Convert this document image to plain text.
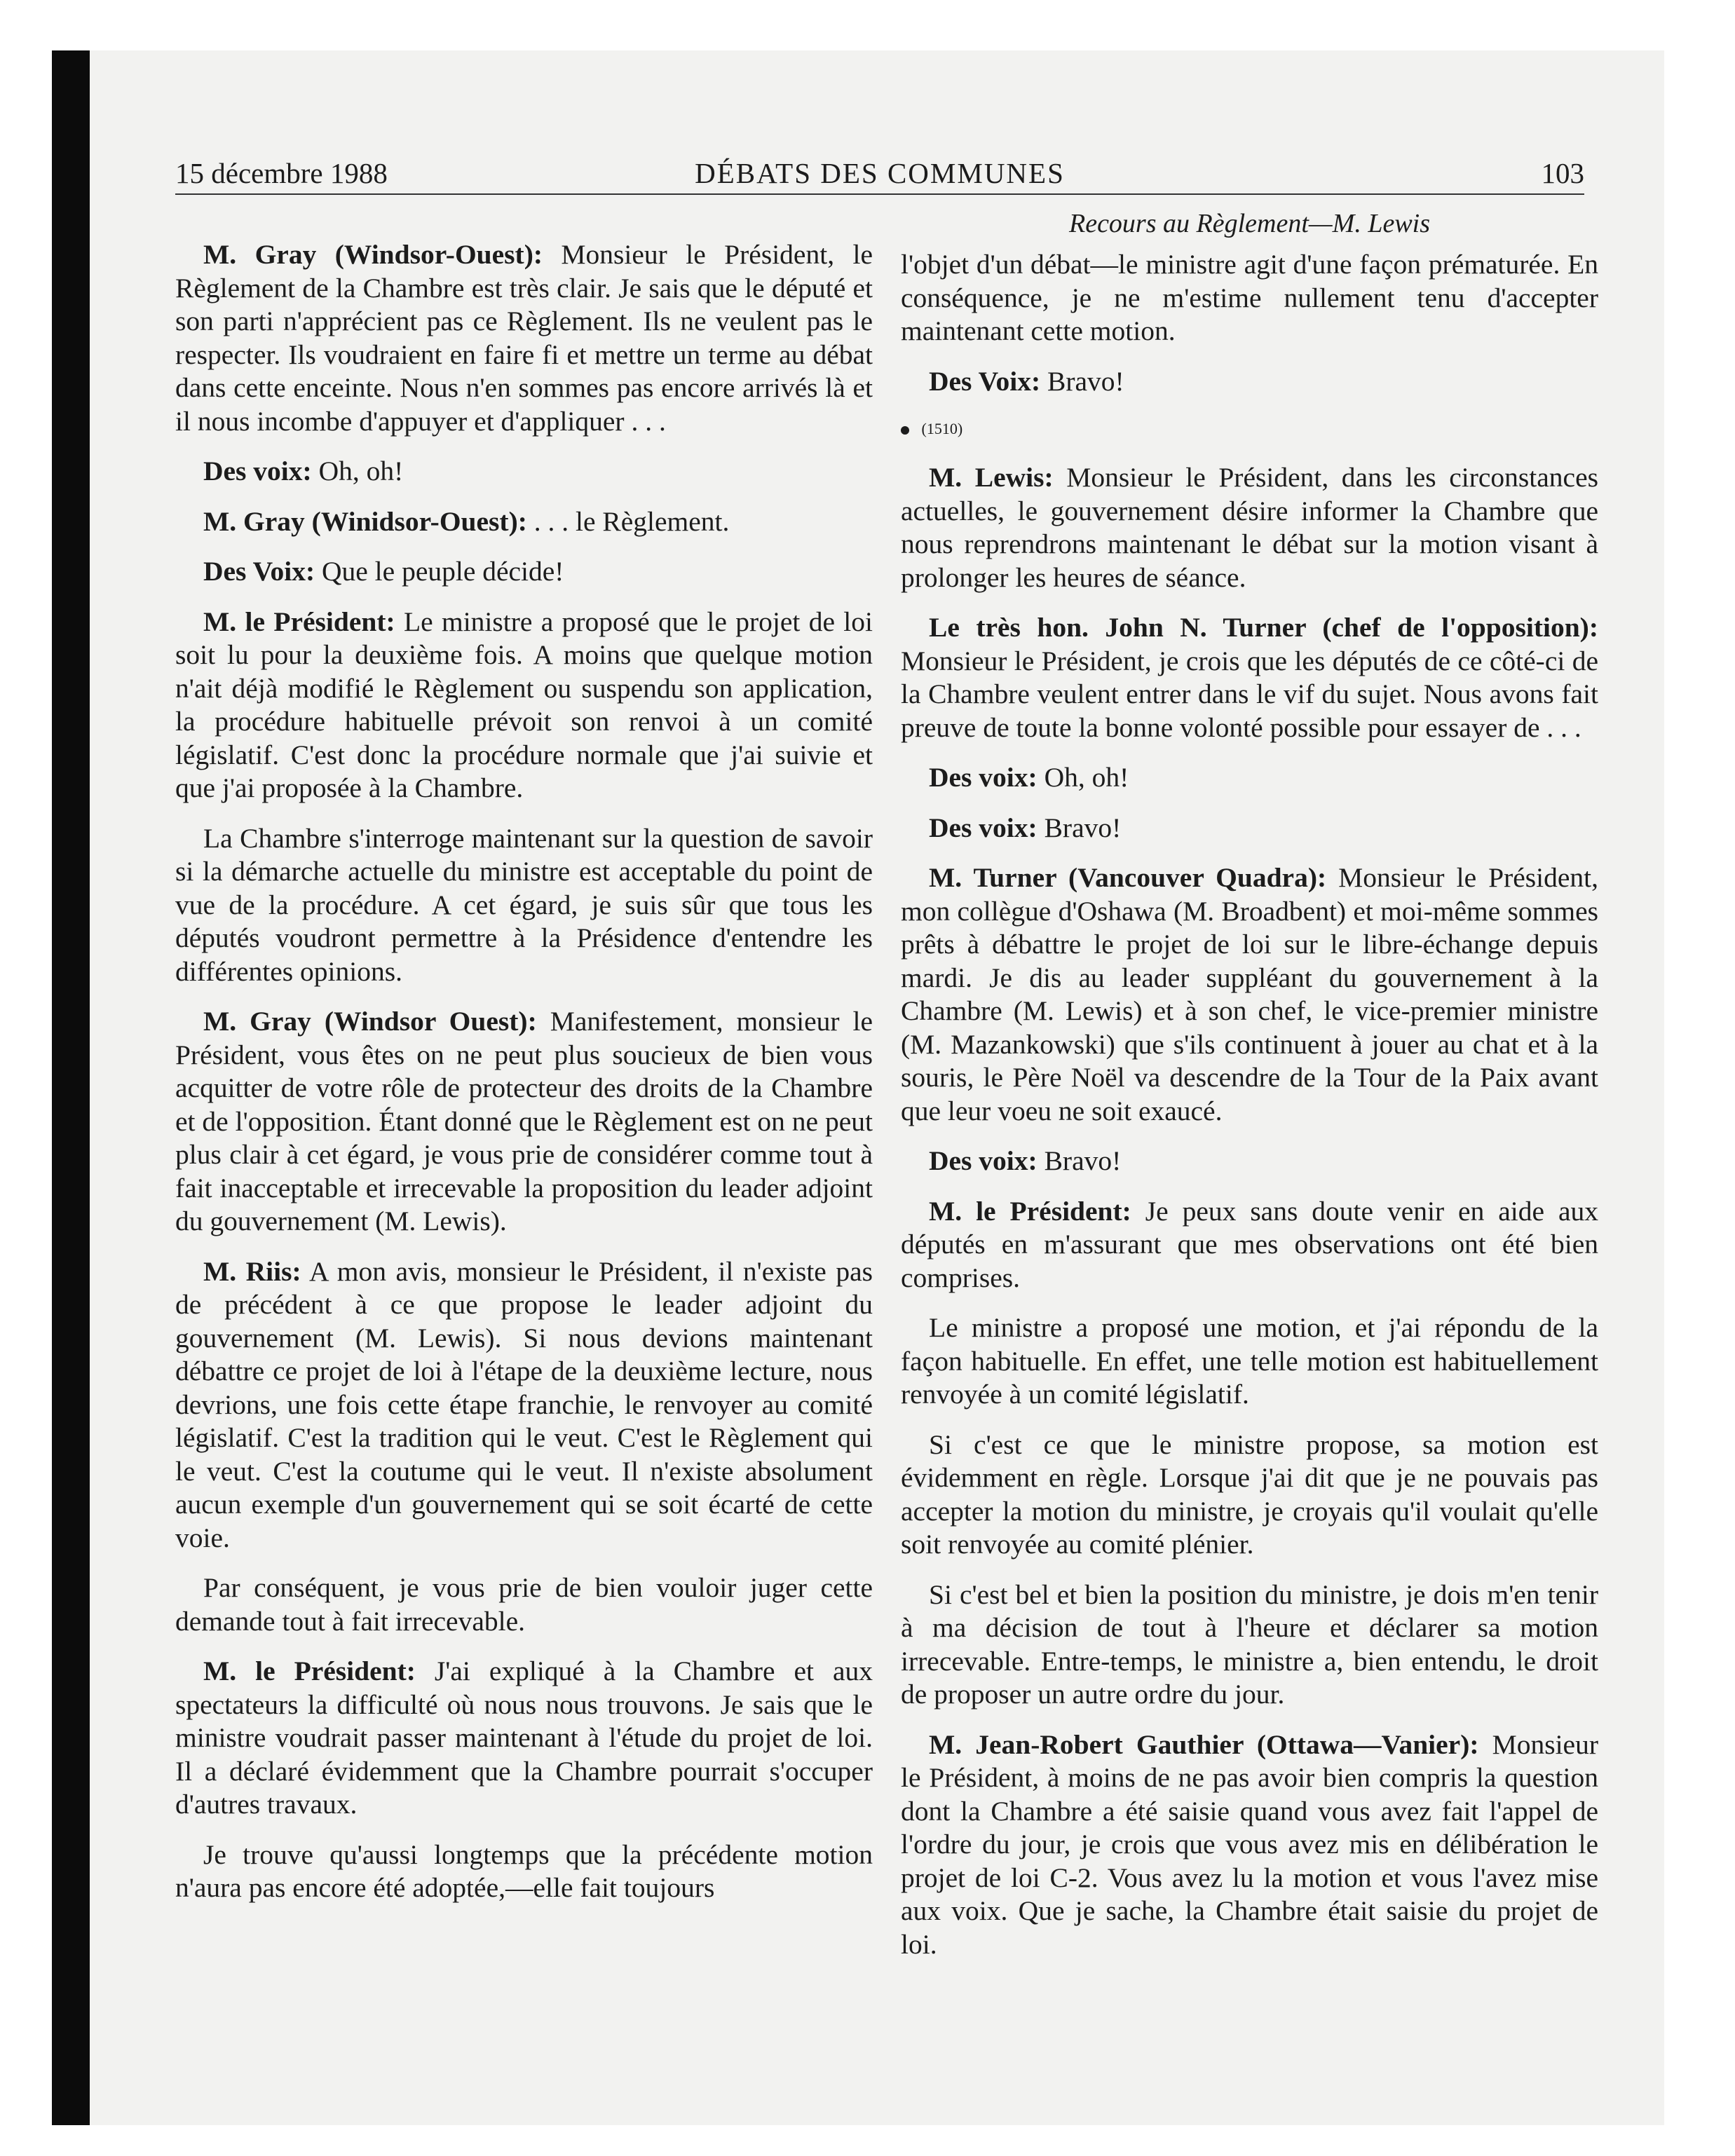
15 décembre 1988	DÉBATS DES COMMUNES	103
Recours au Règlement—M. Lewis

M. Gray (Windsor-Ouest): Monsieur le Président, le Règlement de la Chambre est très clair. Je sais que le député et son parti n'apprécient pas ce Règlement. Ils ne veulent pas le respecter. Ils voudraient en faire fi et mettre un terme au débat dans cette enceinte. Nous n'en sommes pas encore arrivés là et il nous incombe d'appuyer et d'appliquer . . .

Des voix: Oh, oh!

M. Gray (Winidsor-Ouest): . . . le Règlement.

Des Voix: Que le peuple décide!

M. le Président: Le ministre a proposé que le projet de loi soit lu pour la deuxième fois. A moins que quelque motion n'ait déjà modifié le Règlement ou suspendu son application, la procédure habituelle prévoit son renvoi à un comité législatif. C'est donc la procédure normale que j'ai suivie et que j'ai proposée à la Chambre.

La Chambre s'interroge maintenant sur la question de savoir si la démarche actuelle du ministre est acceptable du point de vue de la procédure. A cet égard, je suis sûr que tous les députés voudront permettre à la Présidence d'entendre les différentes opinions.

M. Gray (Windsor Ouest): Manifestement, monsieur le Président, vous êtes on ne peut plus soucieux de bien vous acquitter de votre rôle de protecteur des droits de la Chambre et de l'opposition. Étant donné que le Règlement est on ne peut plus clair à cet égard, je vous prie de considérer comme tout à fait inacceptable et irrecevable la proposition du leader adjoint du gouvernement (M. Lewis).

M. Riis: A mon avis, monsieur le Président, il n'existe pas de précédent à ce que propose le leader adjoint du gouvernement (M. Lewis). Si nous devions maintenant débattre ce projet de loi à l'étape de la deuxième lecture, nous devrions, une fois cette étape franchie, le renvoyer au comité législatif. C'est la tradition qui le veut. C'est le Règlement qui le veut. C'est la coutume qui le veut. Il n'existe absolument aucun exemple d'un gouvernement qui se soit écarté de cette voie.

Par conséquent, je vous prie de bien vouloir juger cette demande tout à fait irrecevable.

M. le Président: J'ai expliqué à la Chambre et aux spectateurs la difficulté où nous nous trouvons. Je sais que le ministre voudrait passer maintenant à l'étude du projet de loi. Il a déclaré évidemment que la Chambre pourrait s'occuper d'autres travaux.

Je trouve qu'aussi longtemps que la précédente motion n'aura pas encore été adoptée,—elle fait toujours

l'objet d'un débat—le ministre agit d'une façon prématurée. En conséquence, je ne m'estime nullement tenu d'accepter maintenant cette motion.

Des Voix: Bravo!

(1510)

M. Lewis: Monsieur le Président, dans les circonstances actuelles, le gouvernement désire informer la Chambre que nous reprendrons maintenant le débat sur la motion visant à prolonger les heures de séance.

Le très hon. John N. Turner (chef de l'opposition): Monsieur le Président, je crois que les députés de ce côté-ci de la Chambre veulent entrer dans le vif du sujet. Nous avons fait preuve de toute la bonne volonté possible pour essayer de . . .

Des voix: Oh, oh!

Des voix: Bravo!

M. Turner (Vancouver Quadra): Monsieur le Président, mon collègue d'Oshawa (M. Broadbent) et moi-même sommes prêts à débattre le projet de loi sur le libre-échange depuis mardi. Je dis au leader suppléant du gouvernement à la Chambre (M. Lewis) et à son chef, le vice-premier ministre (M. Mazankowski) que s'ils continuent à jouer au chat et à la souris, le Père Noël va descendre de la Tour de la Paix avant que leur voeu ne soit exaucé.

Des voix: Bravo!

M. le Président: Je peux sans doute venir en aide aux députés en m'assurant que mes observations ont été bien comprises.

Le ministre a proposé une motion, et j'ai répondu de la façon habituelle. En effet, une telle motion est habituellement renvoyée à un comité législatif.

Si c'est ce que le ministre propose, sa motion est évidemment en règle. Lorsque j'ai dit que je ne pouvais pas accepter la motion du ministre, je croyais qu'il voulait qu'elle soit renvoyée au comité plénier.

Si c'est bel et bien la position du ministre, je dois m'en tenir à ma décision de tout à l'heure et déclarer sa motion irrecevable. Entre-temps, le ministre a, bien entendu, le droit de proposer un autre ordre du jour.

M. Jean-Robert Gauthier (Ottawa—Vanier): Monsieur le Président, à moins de ne pas avoir bien compris la question dont la Chambre a été saisie quand vous avez fait l'appel de l'ordre du jour, je crois que vous avez mis en délibération le projet de loi C-2. Vous avez lu la motion et vous l'avez mise aux voix. Que je sache, la Chambre était saisie du projet de loi.
